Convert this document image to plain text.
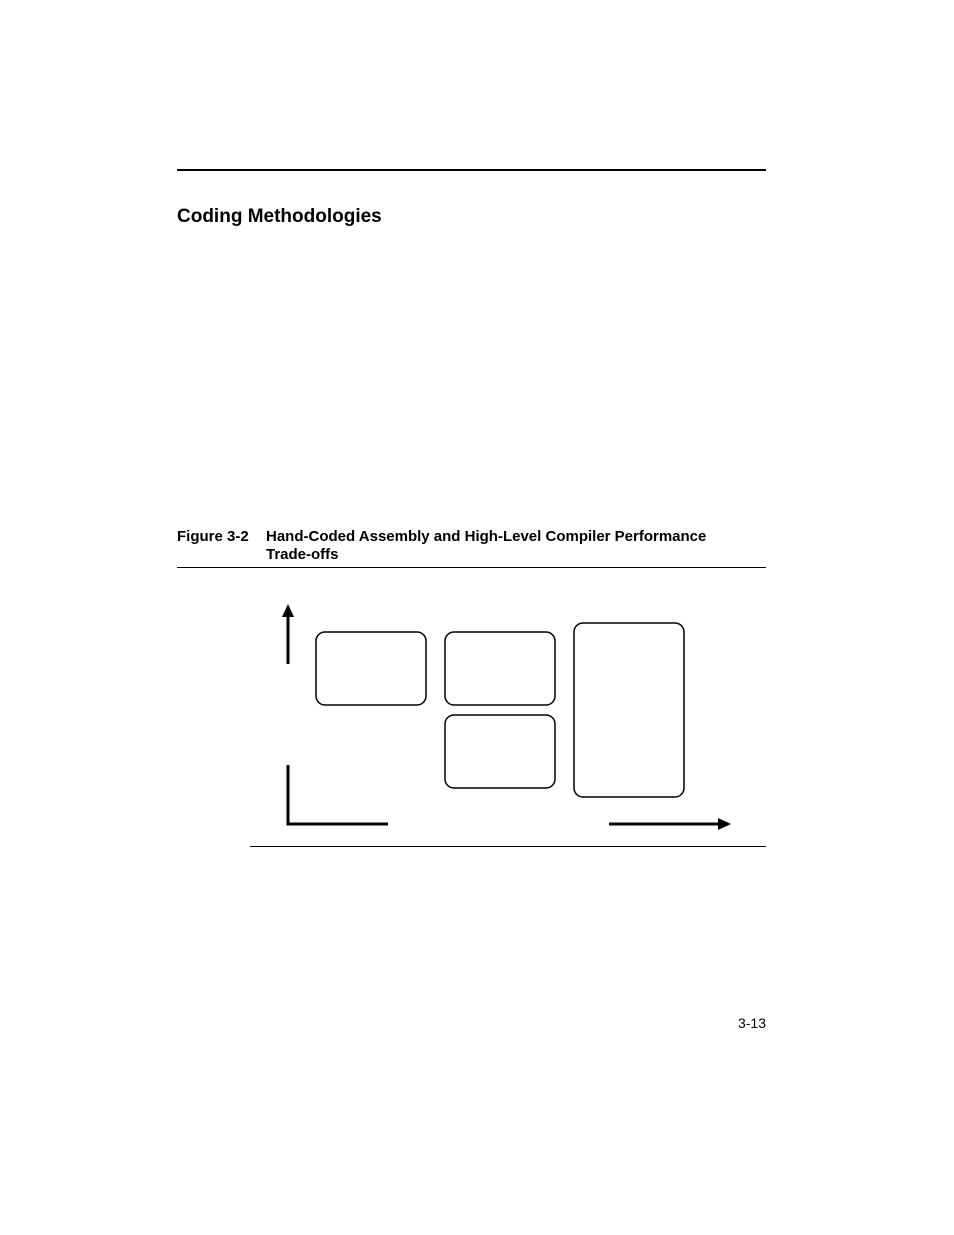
Coding Methodologies
Figure 3-2 Hand-Coded Assembly and High-Level Compiler Performance Trade-offs
3-13
